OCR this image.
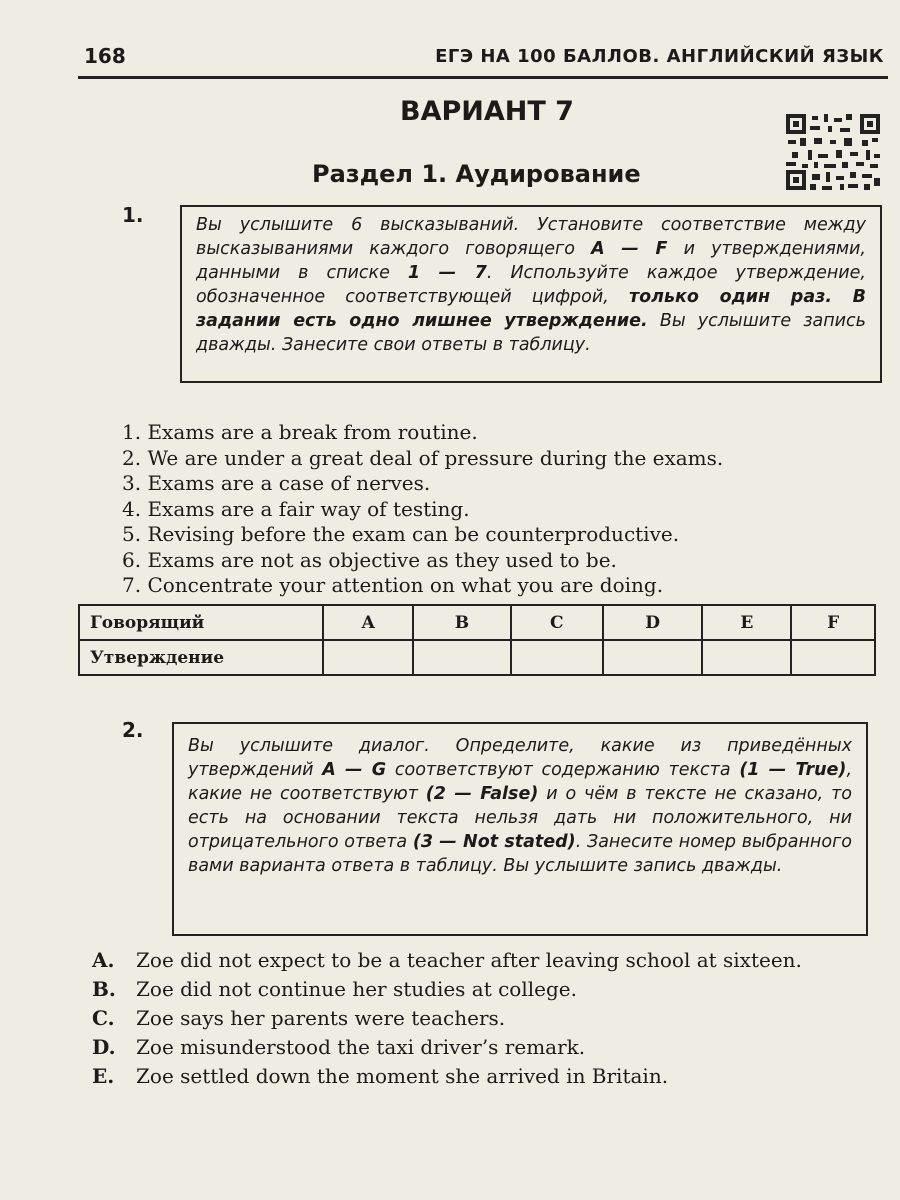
168	ЕГЭ НА 100 БАЛЛОВ. АНГЛИЙСКИЙ ЯЗЫК
ВАРИАНТ 7
Раздел 1. Аудирование
1.	Вы услышите 6 высказываний. Установите соответствие между высказываниями каждого говорящего A — F и утверждениями, данными в списке 1 — 7. Используйте каждое утверждение, обозначенное соответствующей цифрой, только один раз. В задании есть одно лишнее утверждение. Вы услышите запись дважды. Занесите свои ответы в таблицу.

1. Exams are a break from routine.

2. We are under a great deal of pressure during the exams.

3. Exams are a case of nerves.

4. Exams are a fair way of testing.

5. Revising before the exam can be counterproductive.

6. Exams are not as objective as they used to be.

7. Concentrate your attention on what you are doing.

Говорящий	A	B	C	D	E	F
Утверждение						
2.
Вы услышите диалог. Определите, какие из приведённых утверждений A — G соответствуют содержанию текста (1 — True), какие не соответствуют (2 — False) и о чём в тексте не сказано, то есть на основании текста нельзя дать ни положительного, ни отрицательного ответа (3 — Not stated). Занесите номер выбранного вами варианта ответа в таблицу. Вы услышите запись дважды.

A. Zoe did not expect to be a teacher after leaving school at sixteen.

B. Zoe did not continue her studies at college.

C. Zoe says her parents were teachers.

D. Zoe misunderstood the taxi driver’s remark.

E. Zoe settled down the moment she arrived in Britain.
